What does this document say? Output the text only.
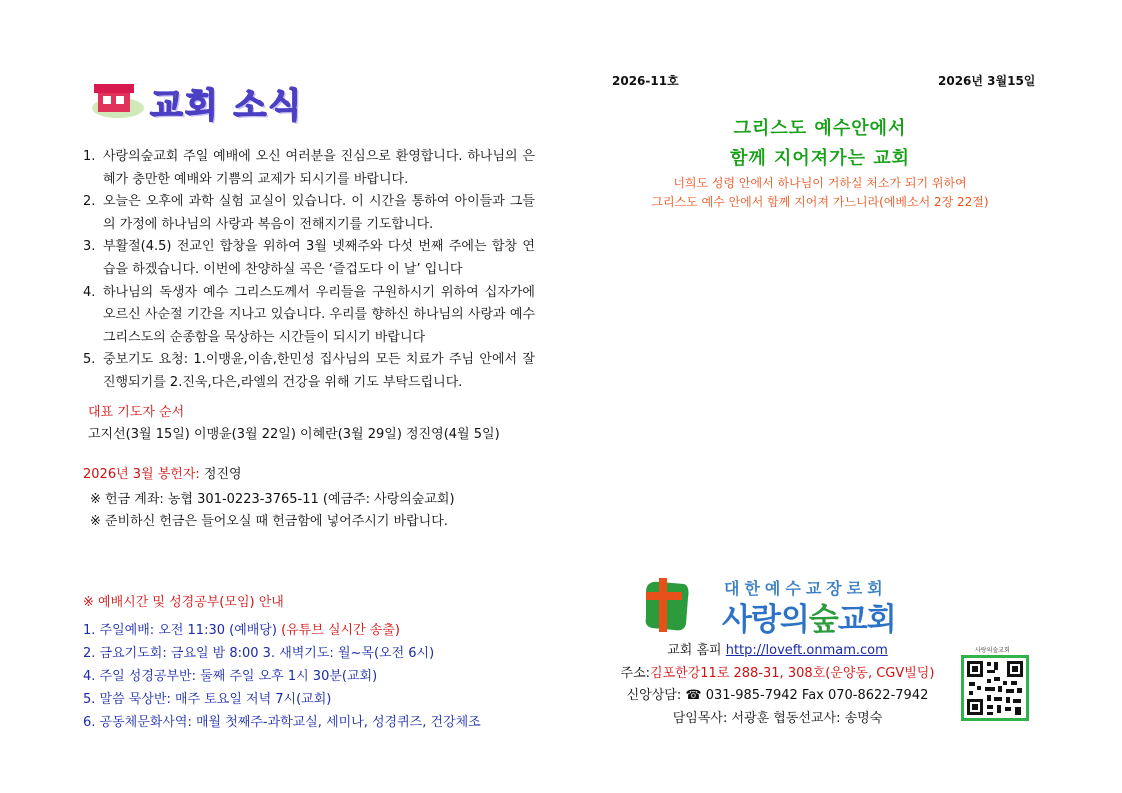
교회 소식
1. 사랑의숲교회 주일 예배에 오신 여러분을 진심으로 환영합니다. 하나님의 은혜가 충만한 예배와 기쁨의 교제가 되시기를 바랍니다.
2. 오늘은 오후에 과학 실험 교실이 있습니다. 이 시간을 통하여 아이들과 그들의 가정에 하나님의 사랑과 복음이 전해지기를 기도합니다.
3. 부활절(4.5) 전교인 합창을 위하여 3월 넷째주와 다섯 번째 주에는 합창 연습을 하겠습니다. 이번에 찬양하실 곡은 ‘즐겁도다 이 날’ 입니다
4. 하나님의 독생자 예수 그리스도께서 우리들을 구원하시기 위하여 십자가에 오르신 사순절 기간을 지나고 있습니다. 우리를 향하신 하나님의 사랑과 예수 그리스도의 순종함을 묵상하는 시간들이 되시기 바랍니다
5. 중보기도 요청: 1.이맹윤,이솜,한민성 집사님의 모든 치료가 주님 안에서 잘 진행되기를 2.진욱,다은,라엘의 건강을 위해 기도 부탁드립니다.
대표 기도자 순서
고지선(3월 15일) 이맹윤(3월 22일) 이혜란(3월 29일) 정진영(4월 5일)
2026년 3월 봉헌자: 정진영
※ 헌금 계좌: 농협 301-0223-3765-11 (예금주: 사랑의숲교회)
※ 준비하신 헌금은 들어오실 때 헌금함에 넣어주시기 바랍니다.
※ 예배시간 및 성경공부(모임) 안내
1. 주일예배: 오전 11:30 (예배당) (유튜브 실시간 송출)
2. 금요기도회: 금요일 밤 8:00 3. 새벽기도: 월~목(오전 6시)
4. 주일 성경공부반: 둘째 주일 오후 1시 30분(교회)
5. 말씀 묵상반: 매주 토요일 저녁 7시(교회)
6. 공동체문화사역: 매월 첫째주-과학교실, 세미나, 성경퀴즈, 건강체조
2026-11호	2026년 3월15일
그리스도 예수안에서
함께 지어져가는 교회
너희도 성령 안에서 하나님이 거하실 처소가 되기 위하여
그리스도 예수 안에서 함께 지어져 가느니라(에베소서 2장 22절)
대한예수교장로회
사랑의숲교회
교회 홈피 http://loveft.onmam.com
주소:김포한강11로 288-31, 308호(운양동, CGV빌딩)
신앙상담: ☎ 031-985-7942 Fax 070-8622-7942
담임목사: 서광훈 협동선교사: 송명숙
사랑의숲교회
